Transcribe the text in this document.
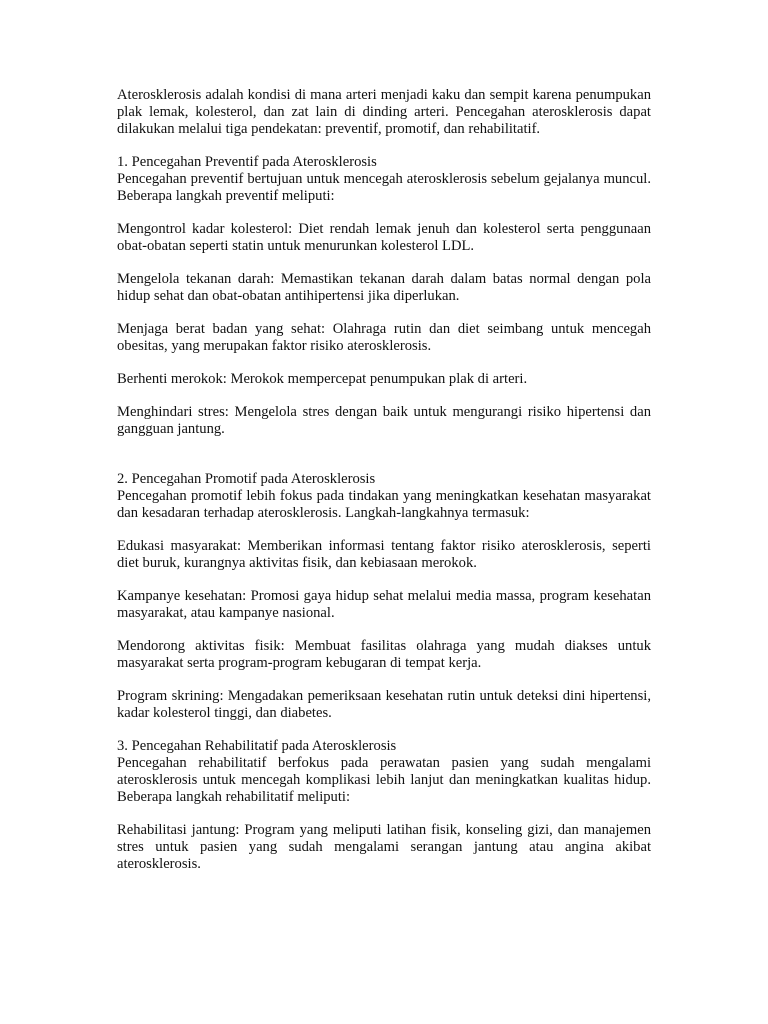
Aterosklerosis adalah kondisi di mana arteri menjadi kaku dan sempit karena penumpukan plak lemak, kolesterol, dan zat lain di dinding arteri. Pencegahan aterosklerosis dapat dilakukan melalui tiga pendekatan: preventif, promotif, dan rehabilitatif.

1. Pencegahan Preventif pada Aterosklerosis

Pencegahan preventif bertujuan untuk mencegah aterosklerosis sebelum gejalanya muncul. Beberapa langkah preventif meliputi:

Mengontrol kadar kolesterol: Diet rendah lemak jenuh dan kolesterol serta penggunaan obat-obatan seperti statin untuk menurunkan kolesterol LDL.

Mengelola tekanan darah: Memastikan tekanan darah dalam batas normal dengan pola hidup sehat dan obat-obatan antihipertensi jika diperlukan.

Menjaga berat badan yang sehat: Olahraga rutin dan diet seimbang untuk mencegah obesitas, yang merupakan faktor risiko aterosklerosis.

Berhenti merokok: Merokok mempercepat penumpukan plak di arteri.

Menghindari stres: Mengelola stres dengan baik untuk mengurangi risiko hipertensi dan gangguan jantung.

2. Pencegahan Promotif pada Aterosklerosis

Pencegahan promotif lebih fokus pada tindakan yang meningkatkan kesehatan masyarakat dan kesadaran terhadap aterosklerosis. Langkah-langkahnya termasuk:

Edukasi masyarakat: Memberikan informasi tentang faktor risiko aterosklerosis, seperti diet buruk, kurangnya aktivitas fisik, dan kebiasaan merokok.

Kampanye kesehatan: Promosi gaya hidup sehat melalui media massa, program kesehatan masyarakat, atau kampanye nasional.

Mendorong aktivitas fisik: Membuat fasilitas olahraga yang mudah diakses untuk masyarakat serta program-program kebugaran di tempat kerja.

Program skrining: Mengadakan pemeriksaan kesehatan rutin untuk deteksi dini hipertensi, kadar kolesterol tinggi, dan diabetes.

3. Pencegahan Rehabilitatif pada Aterosklerosis

Pencegahan rehabilitatif berfokus pada perawatan pasien yang sudah mengalami aterosklerosis untuk mencegah komplikasi lebih lanjut dan meningkatkan kualitas hidup. Beberapa langkah rehabilitatif meliputi:

Rehabilitasi jantung: Program yang meliputi latihan fisik, konseling gizi, dan manajemen stres untuk pasien yang sudah mengalami serangan jantung atau angina akibat aterosklerosis.
